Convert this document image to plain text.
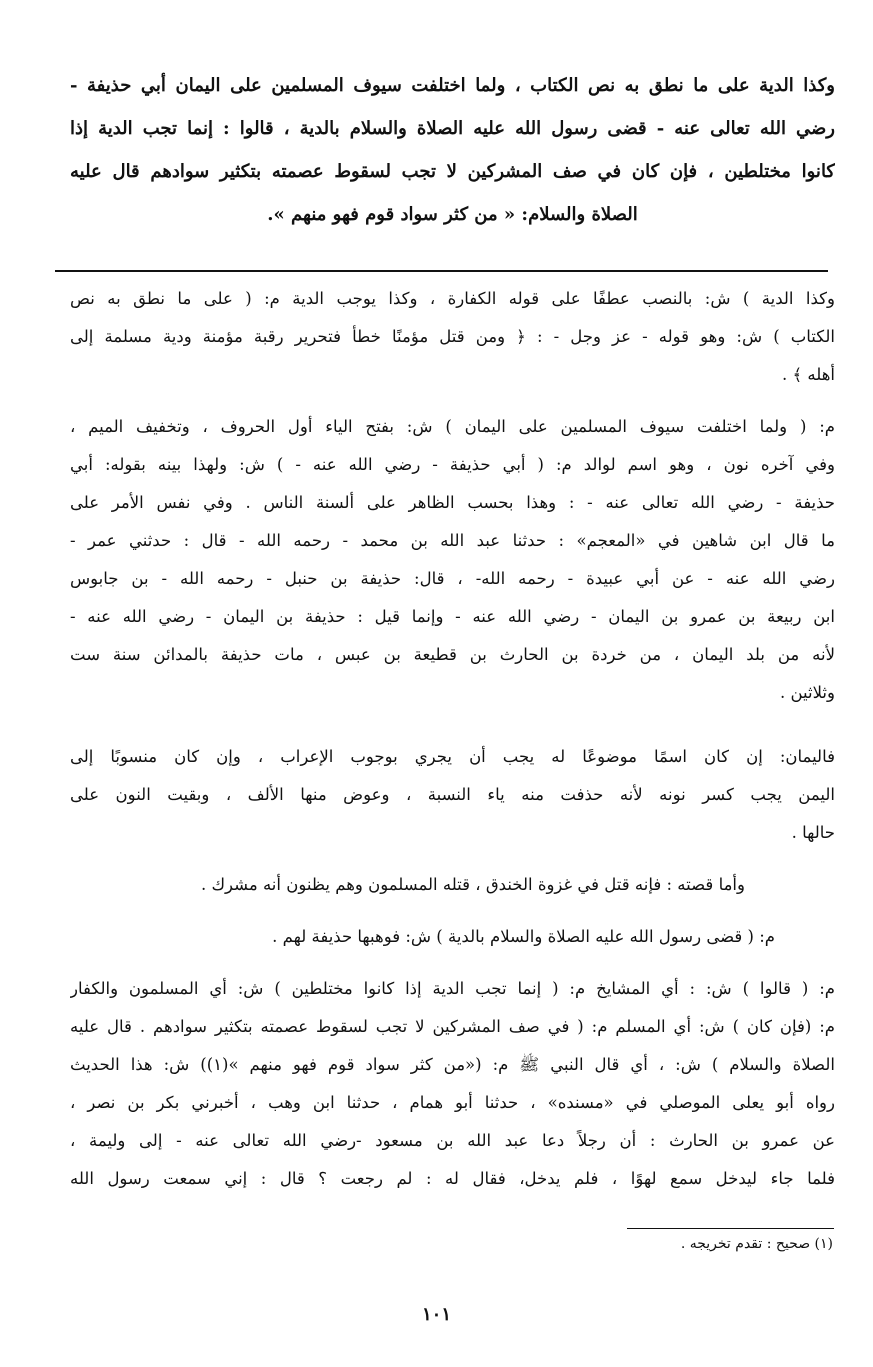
وكذا الدية على ما نطق به نص الكتاب ، ولما اختلفت سيوف المسلمين على اليمان أبي حذيفة -
رضي الله تعالى عنه - قضى رسول الله عليه الصلاة والسلام بالدية ، قالوا : إنما تجب الدية إذا
كانوا مختلطين ، فإن كان في صف المشركين لا تجب لسقوط عصمته بتكثير سوادهم قال عليه
الصلاة والسلام: « من كثر سواد قوم فهو منهم ».
وكذا الدية ) ش: بالنصب عطفًا على قوله الكفارة ، وكذا يوجب الدية م: ( على ما نطق به نص
الكتاب ) ش: وهو قوله - عز وجل - : ﴿ ومن قتل مؤمنًا خطأ فتحرير رقبة مؤمنة ودية مسلمة إلى
أهله ﴾ .
م: ( ولما اختلفت سيوف المسلمين على اليمان ) ش: بفتح الياء أول الحروف ، وتخفيف الميم ،
وفي آخره نون ، وهو اسم لوالد م: ( أبي حذيفة - رضي الله عنه - ) ش: ولهذا بينه بقوله: أبي
حذيفة - رضي الله تعالى عنه - : وهذا بحسب الظاهر على ألسنة الناس . وفي نفس الأمر على
ما قال ابن شاهين في «المعجم» : حدثنا عبد الله بن محمد - رحمه الله - قال : حدثني عمر -
رضي الله عنه - عن أبي عبيدة - رحمه الله- ، قال: حذيفة بن حنبل - رحمه الله - بن جابوس
ابن ربيعة بن عمرو بن اليمان - رضي الله عنه - وإنما قيل : حذيفة بن اليمان - رضي الله عنه -
لأنه من بلد اليمان ، من خردة بن الحارث بن قطيعة بن عبس ، مات حذيفة بالمدائن سنة ست
وثلاثين .
فاليمان: إن كان اسمًا موضوعًا له يجب أن يجري بوجوب الإعراب ، وإن كان منسوبًا إلى
اليمن يجب كسر نونه لأنه حذفت منه ياء النسبة ، وعوض منها الألف ، وبقيت النون على
حالها .
وأما قصته : فإنه قتل في غزوة الخندق ، قتله المسلمون وهم يظنون أنه مشرك .
م: ( قضى رسول الله عليه الصلاة والسلام بالدية ) ش: فوهبها حذيفة لهم .
م: ( قالوا ) ش: : أي المشايخ م: ( إنما تجب الدية إذا كانوا مختلطين ) ش: أي المسلمون والكفار
م: (فإن كان ) ش: أي المسلم م: ( في صف المشركين لا تجب لسقوط عصمته بتكثير سوادهم . قال عليه
الصلاة والسلام ) ش: ، أي قال النبي ﷺ م: («من كثر سواد قوم فهو منهم »(١)) ش: هذا الحديث
رواه أبو يعلى الموصلي في «مسنده» ، حدثنا أبو همام ، حدثنا ابن وهب ، أخبرني بكر بن نصر ،
عن عمرو بن الحارث : أن رجلاً دعا عبد الله بن مسعود -رضي الله تعالى عنه - إلى وليمة ،
فلما جاء ليدخل سمع لهوًا ، فلم يدخل، فقال له : لم رجعت ؟ قال : إني سمعت رسول الله
(١) صحيح : تقدم تخريجه .
١٠١
